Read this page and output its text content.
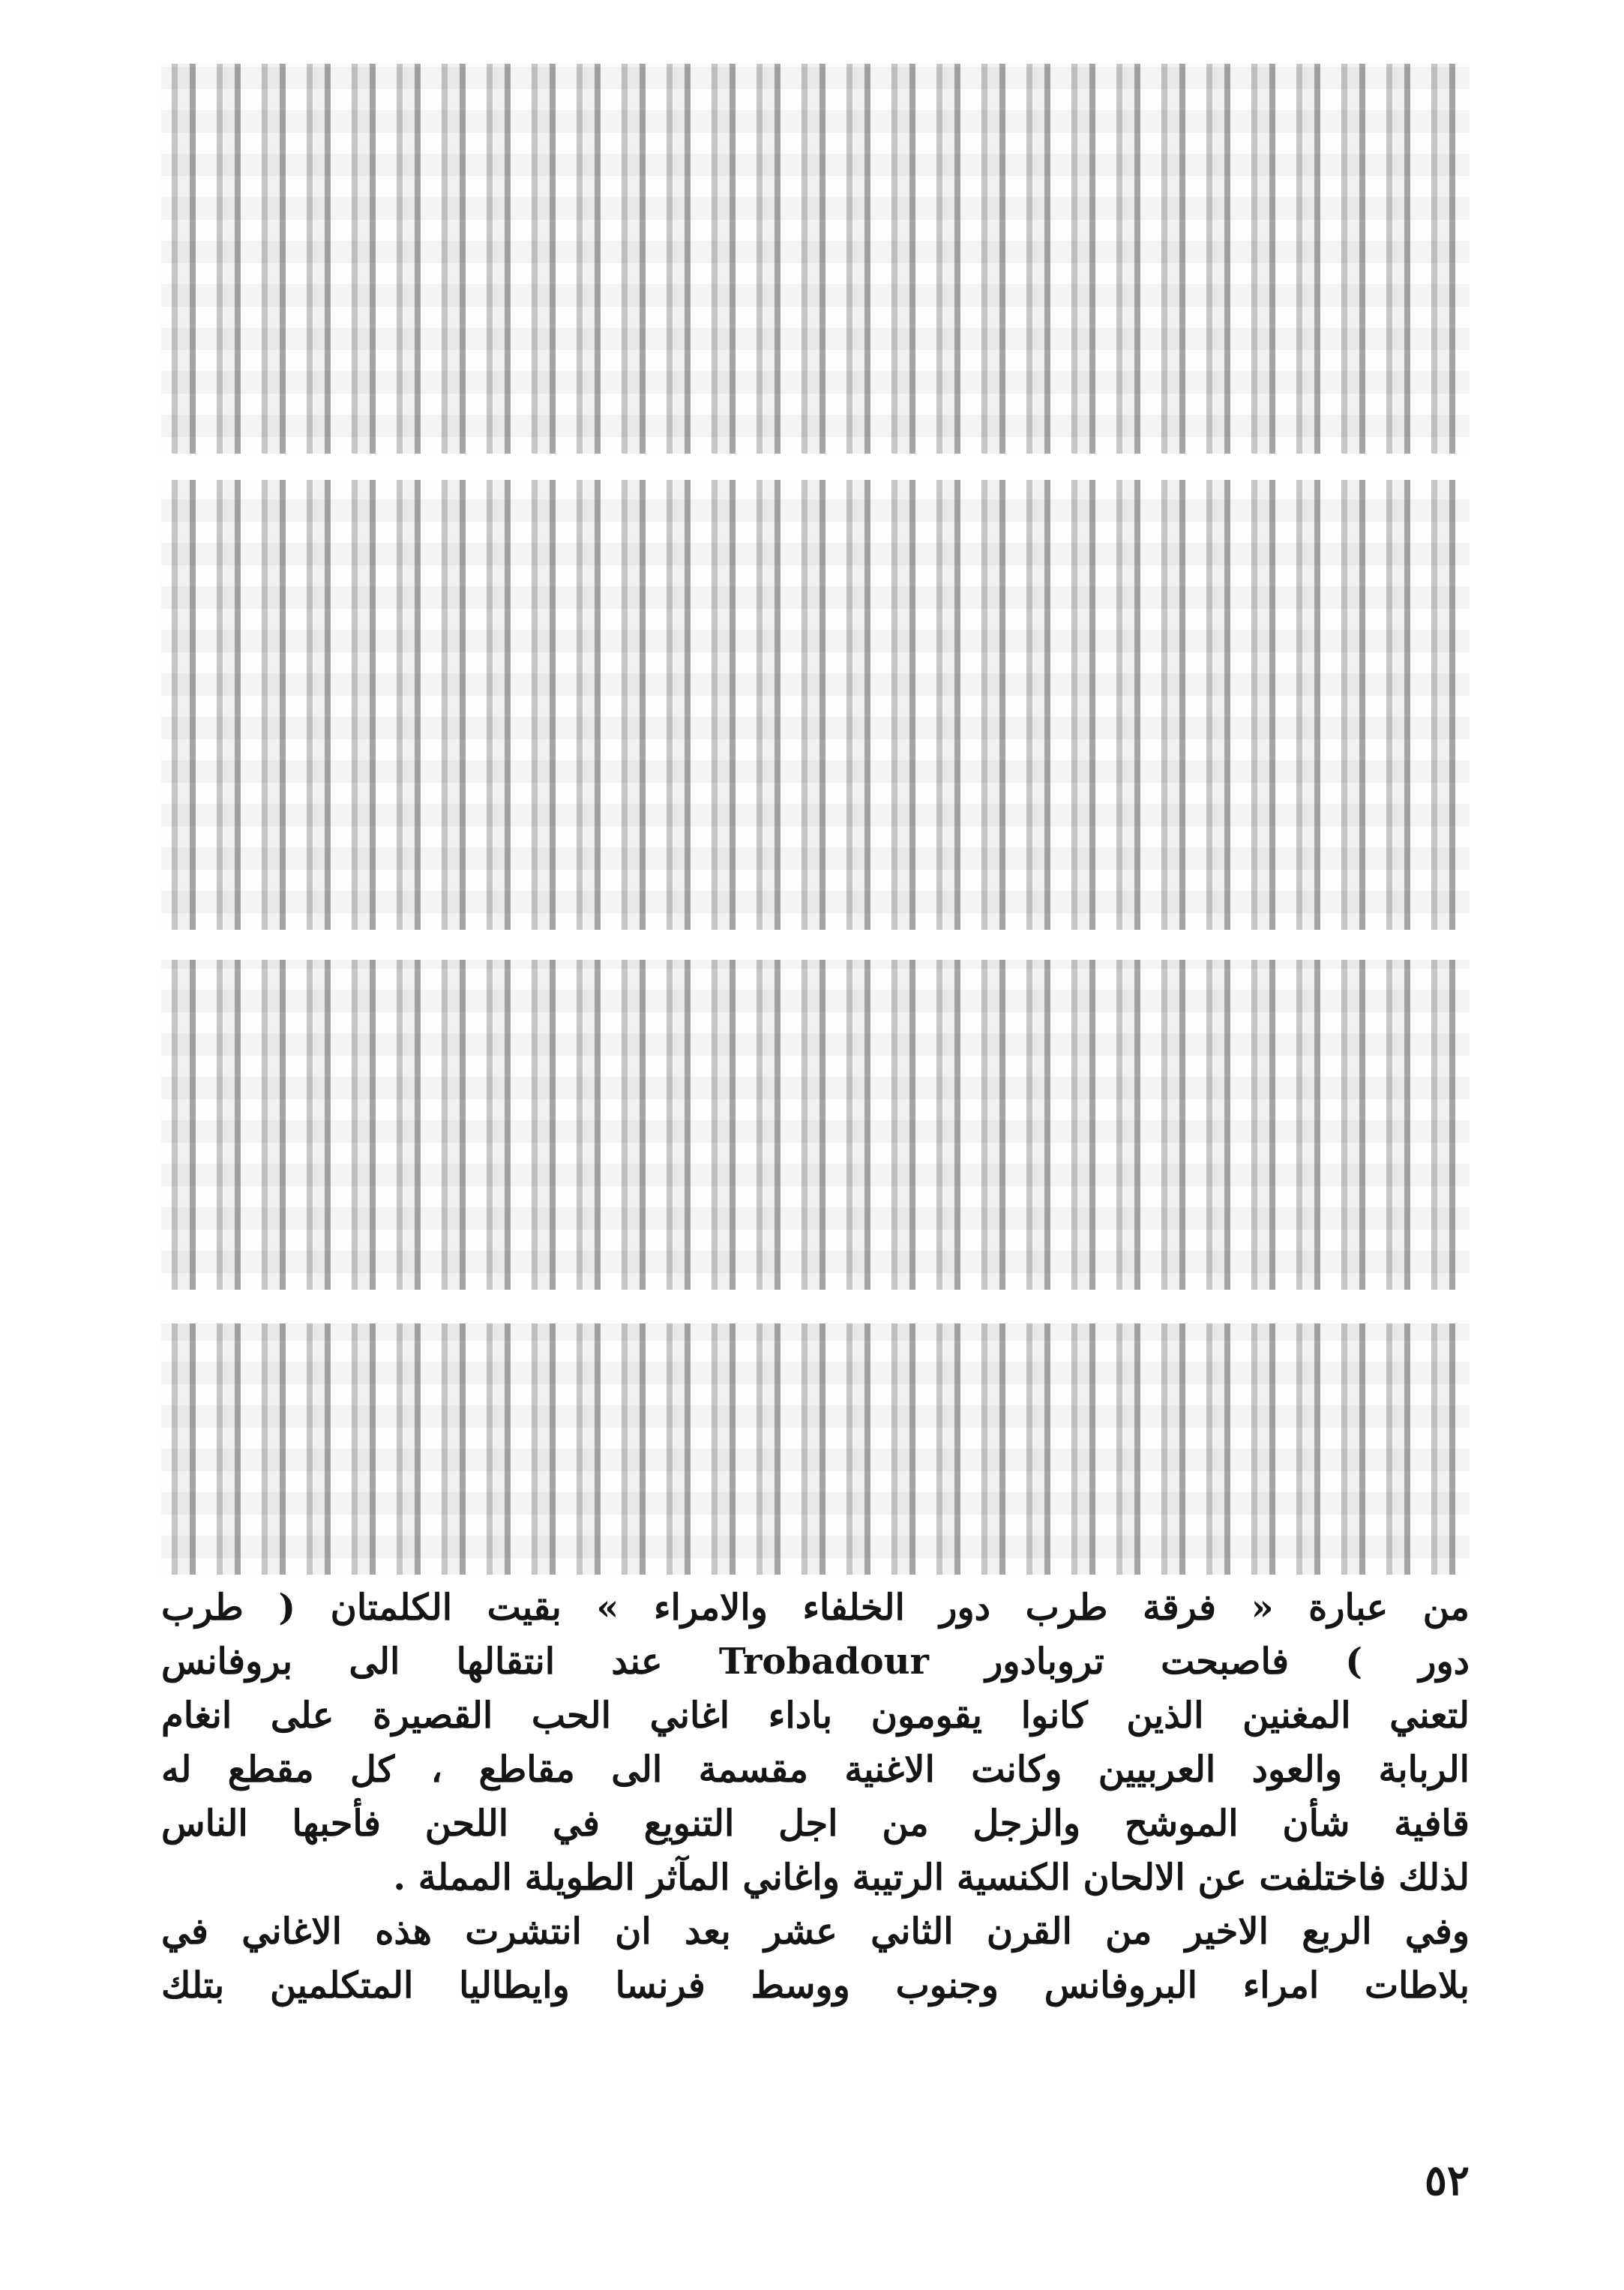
من عبارة « فرقة طرب دور الخلفاء والامراء » بقيت الكلمتان ( طرب
دور ) فاصبحت تروبادور Trobadour عند انتقالها الى بروفانس
لتعني المغنين الذين كانوا يقومون باداء اغاني الحب القصيرة على انغام
الربابة والعود العربيين وكانت الاغنية مقسمة الى مقاطع ، كل مقطع له
قافية شأن الموشح والزجل من اجل التنويع في اللحن فأحبها الناس
لذلك فاختلفت عن الالحان الكنسية الرتيبة واغاني المآثر الطويلة المملة .
وفي الربع الاخير من القرن الثاني عشر بعد ان انتشرت هذه الاغاني في
بلاطات امراء البروفانس وجنوب ووسط فرنسا وايطاليا المتكلمين بتلك
٥٢
